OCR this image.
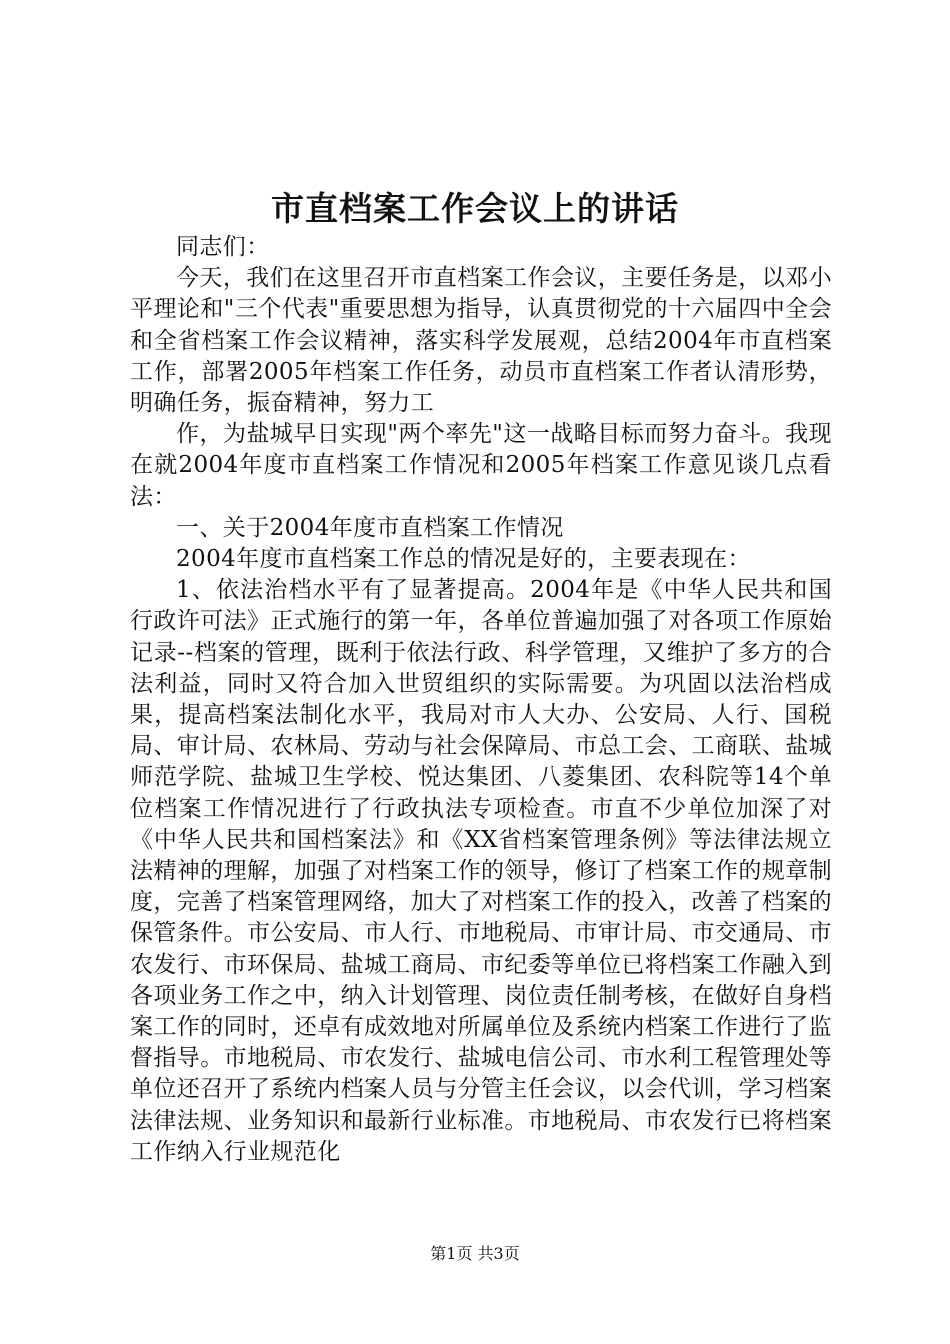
市直档案工作会议上的讲话

同志们：

今天，我们在这里召开市直档案工作会议，主要任务是，以邓小平理论和"三个代表"重要思想为指导，认真贯彻党的十六届四中全会和全省档案工作会议精神，落实科学发展观，总结2004年市直档案工作，部署2005年档案工作任务，动员市直档案工作者认清形势，明确任务，振奋精神，努力工

作，为盐城早日实现"两个率先"这一战略目标而努力奋斗。我现在就2004年度市直档案工作情况和2005年档案工作意见谈几点看法：

一、关于2004年度市直档案工作情况

2004年度市直档案工作总的情况是好的，主要表现在：

1、依法治档水平有了显著提高。2004年是《中华人民共和国行政许可法》正式施行的第一年，各单位普遍加强了对各项工作原始记录--档案的管理，既利于依法行政、科学管理，又维护了多方的合法利益，同时又符合加入世贸组织的实际需要。为巩固以法治档成果，提高档案法制化水平，我局对市人大办、公安局、人行、国税局、审计局、农林局、劳动与社会保障局、市总工会、工商联、盐城师范学院、盐城卫生学校、悦达集团、八菱集团、农科院等14个单位档案工作情况进行了行政执法专项检查。市直不少单位加深了对《中华人民共和国档案法》和《XX省档案管理条例》等法律法规立法精神的理解，加强了对档案工作的领导，修订了档案工作的规章制度，完善了档案管理网络，加大了对档案工作的投入，改善了档案的保管条件。市公安局、市人行、市地税局、市审计局、市交通局、市农发行、市环保局、盐城工商局、市纪委等单位已将档案工作融入到各项业务工作之中，纳入计划管理、岗位责任制考核，在做好自身档案工作的同时，还卓有成效地对所属单位及系统内档案工作进行了监督指导。市地税局、市农发行、盐城电信公司、市水利工程管理处等单位还召开了系统内档案人员与分管主任会议，以会代训，学习档案法律法规、业务知识和最新行业标准。市地税局、市农发行已将档案工作纳入行业规范化

第1页 共3页
